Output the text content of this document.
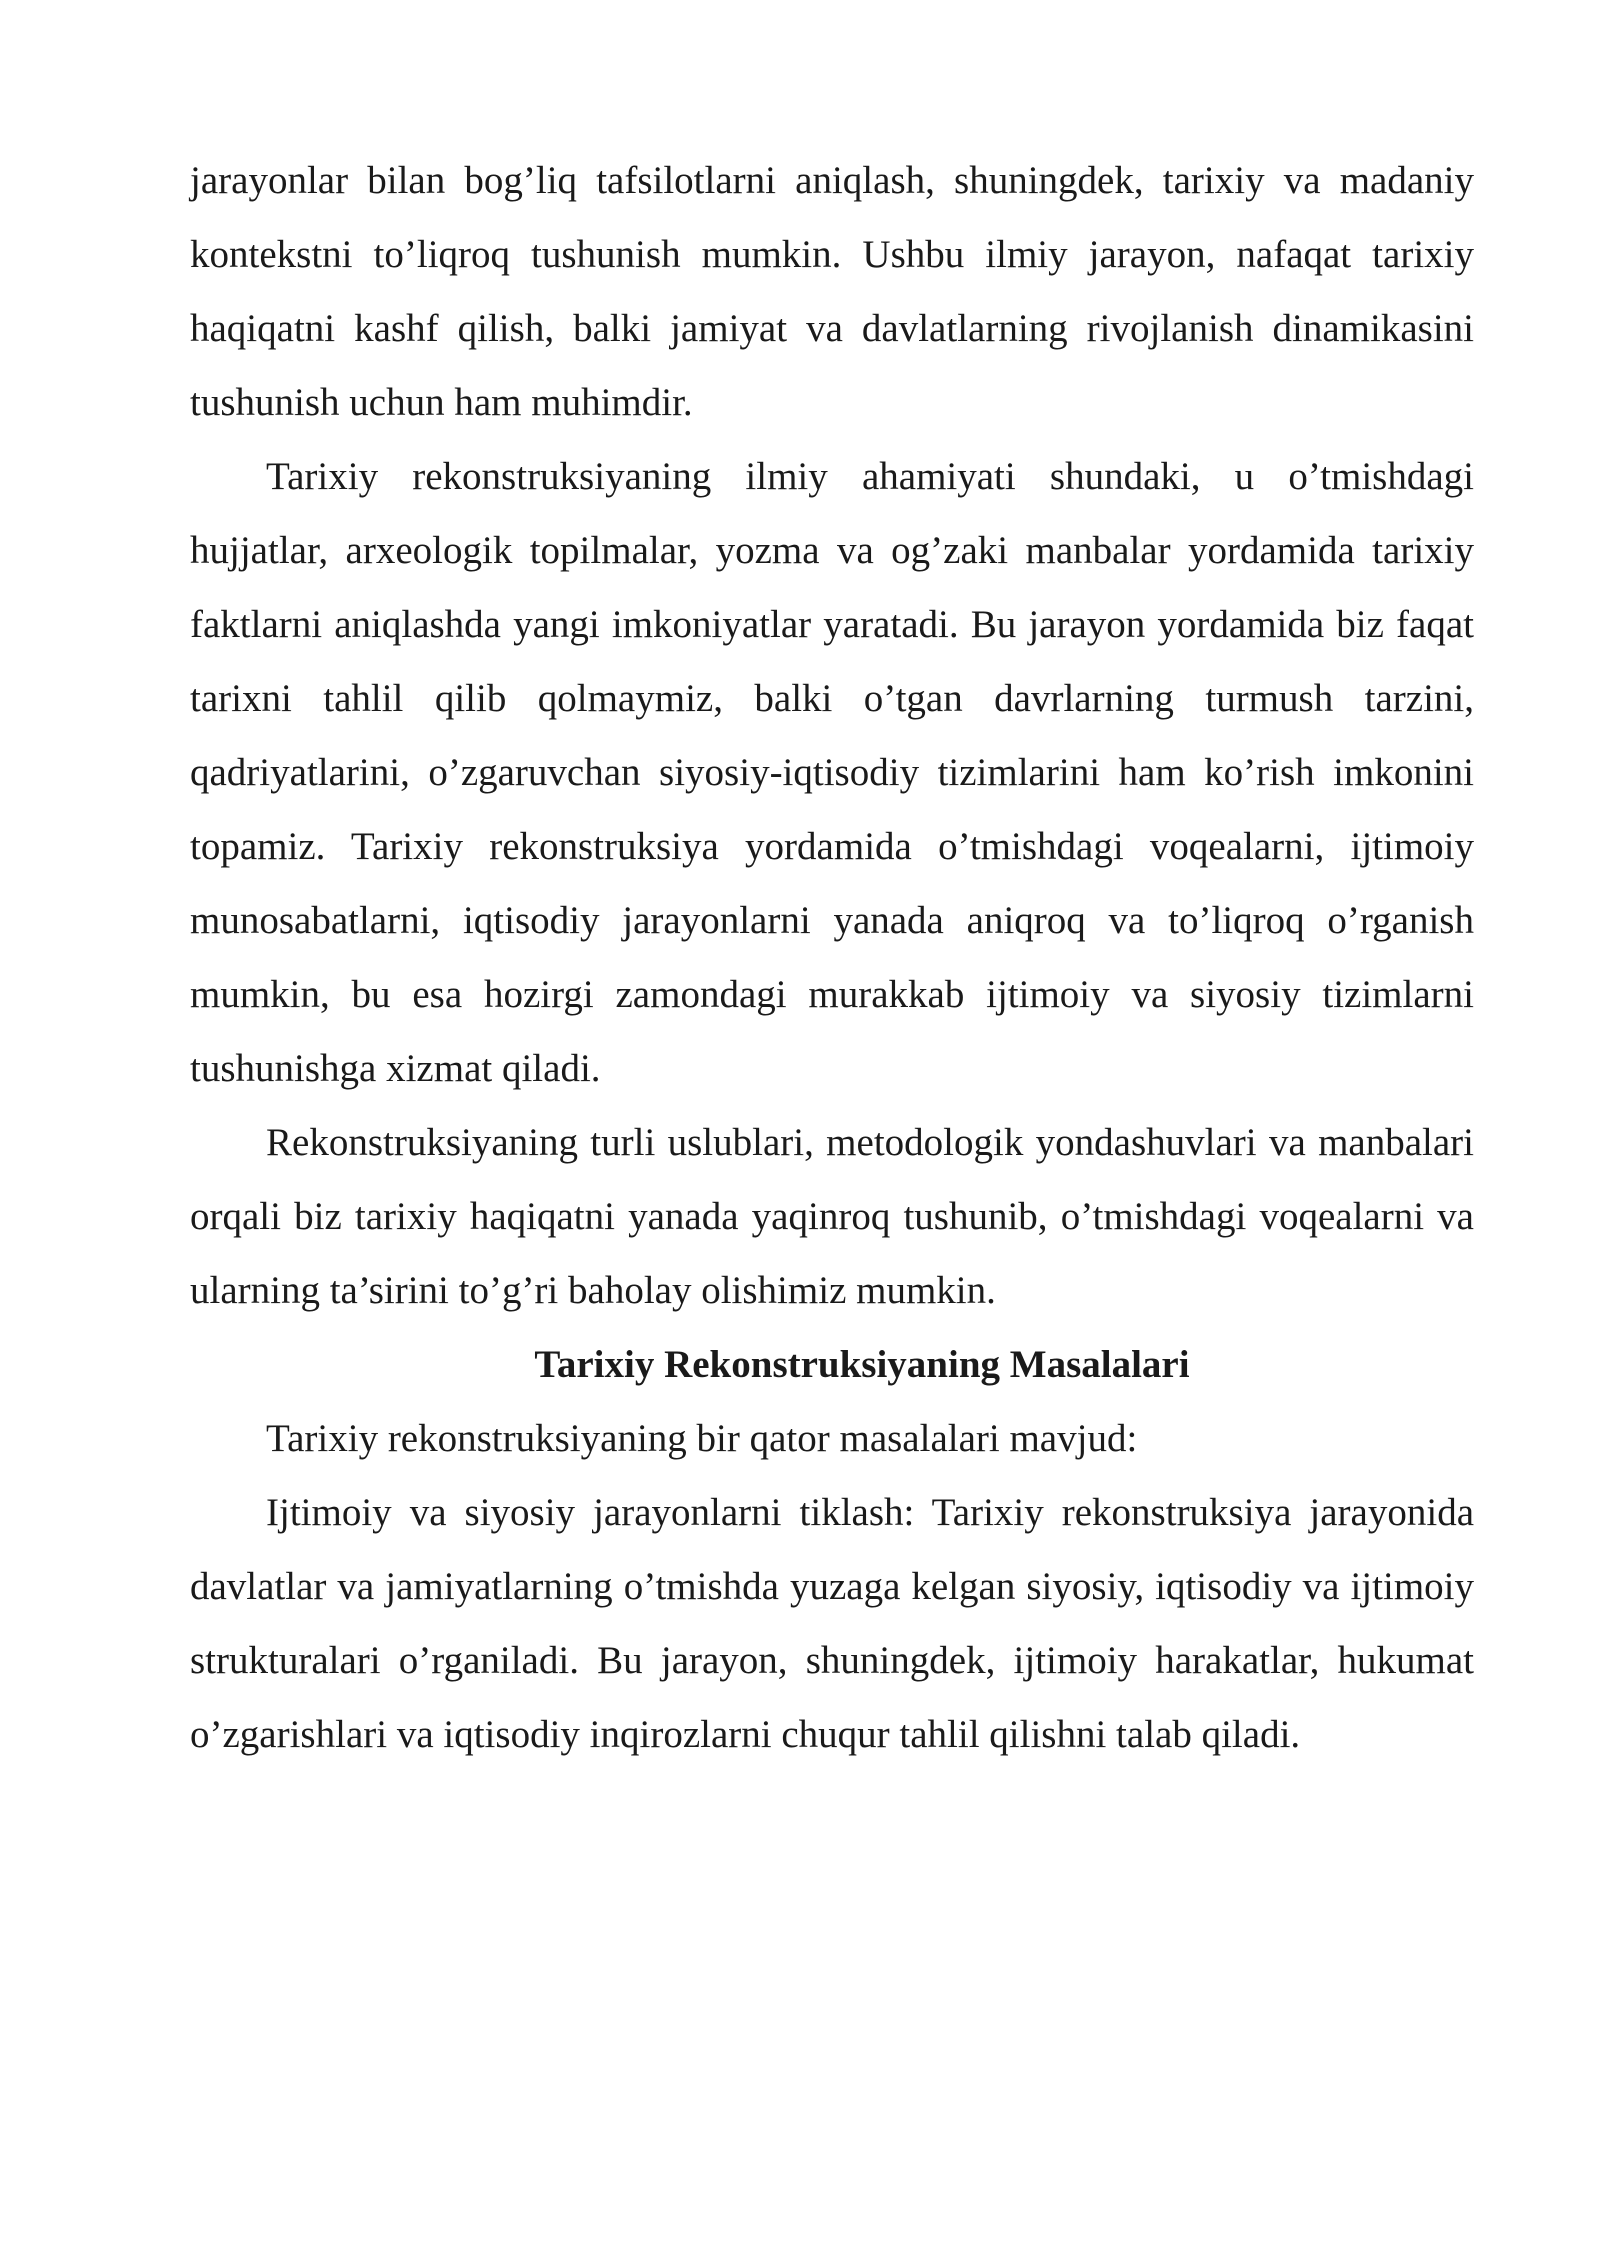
jarayonlar bilan bog’liq tafsilotlarni aniqlash, shuningdek, tarixiy va madaniy kontekstni to’liqroq tushunish mumkin. Ushbu ilmiy jarayon, nafaqat tarixiy haqiqatni kashf qilish, balki jamiyat va davlatlarning rivojlanish dinamikasini tushunish uchun ham muhimdir.

Tarixiy rekonstruksiyaning ilmiy ahamiyati shundaki, u o’tmishdagi hujjatlar, arxeologik topilmalar, yozma va og’zaki manbalar yordamida tarixiy faktlarni aniqlashda yangi imkoniyatlar yaratadi. Bu jarayon yordamida biz faqat tarixni tahlil qilib qolmaymiz, balki o’tgan davrlarning turmush tarzini, qadriyatlarini, o’zgaruvchan siyosiy-iqtisodiy tizimlarini ham ko’rish imkonini topamiz. Tarixiy rekonstruksiya yordamida o’tmishdagi voqealarni, ijtimoiy munosabatlarni, iqtisodiy jarayonlarni yanada aniqroq va to’liqroq o’rganish mumkin, bu esa hozirgi zamondagi murakkab ijtimoiy va siyosiy tizimlarni tushunishga xizmat qiladi.

Rekonstruksiyaning turli uslublari, metodologik yondashuvlari va manbalari orqali biz tarixiy haqiqatni yanada yaqinroq tushunib, o’tmishdagi voqealarni va ularning ta’sirini to’g’ri baholay olishimiz mumkin.

Tarixiy Rekonstruksiyaning Masalalari

Tarixiy rekonstruksiyaning bir qator masalalari mavjud:

Ijtimoiy va siyosiy jarayonlarni tiklash: Tarixiy rekonstruksiya jarayonida davlatlar va jamiyatlarning o’tmishda yuzaga kelgan siyosiy, iqtisodiy va ijtimoiy strukturalari o’rganiladi. Bu jarayon, shuningdek, ijtimoiy harakatlar, hukumat o’zgarishlari va iqtisodiy inqirozlarni chuqur tahlil qilishni talab qiladi.
